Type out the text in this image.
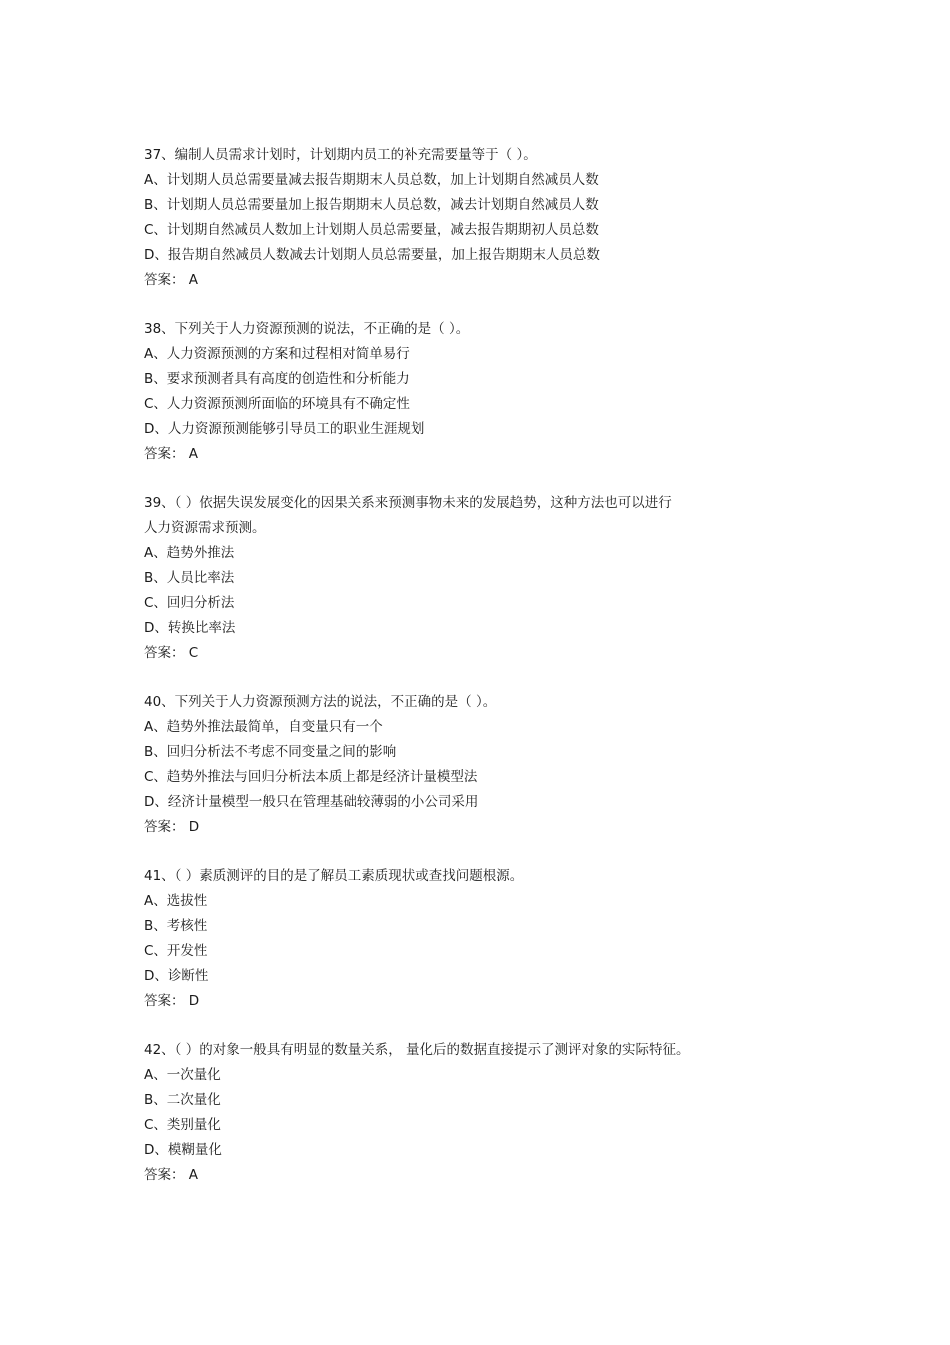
37、编制人员需求计划时，计划期内员工的补充需要量等于（ ）。
A、计划期人员总需要量减去报告期期末人员总数，加上计划期自然减员人数
B、计划期人员总需要量加上报告期期末人员总数，减去计划期自然减员人数
C、计划期自然减员人数加上计划期人员总需要量，减去报告期期初人员总数
D、报告期自然减员人数减去计划期人员总需要量，加上报告期期末人员总数
答案： A
38、下列关于人力资源预测的说法，不正确的是（ ）。
A、人力资源预测的方案和过程相对简单易行
B、要求预测者具有高度的创造性和分析能力
C、人力资源预测所面临的环境具有不确定性
D、人力资源预测能够引导员工的职业生涯规划
答案： A
39、（ ）依据失误发展变化的因果关系来预测事物未来的发展趋势，这种方法也可以进行
人力资源需求预测。
A、趋势外推法
B、人员比率法
C、回归分析法
D、转换比率法
答案： C
40、下列关于人力资源预测方法的说法，不正确的是（ ）。
A、趋势外推法最简单，自变量只有一个
B、回归分析法不考虑不同变量之间的影响
C、趋势外推法与回归分析法本质上都是经济计量模型法
D、经济计量模型一般只在管理基础较薄弱的小公司采用
答案： D
41、（ ）素质测评的目的是了解员工素质现状或查找问题根源。
A、选拔性
B、考核性
C、开发性
D、诊断性
答案： D
42、（ ）的对象一般具有明显的数量关系， 量化后的数据直接提示了测评对象的实际特征。
A、一次量化
B、二次量化
C、类别量化
D、模糊量化
答案： A
